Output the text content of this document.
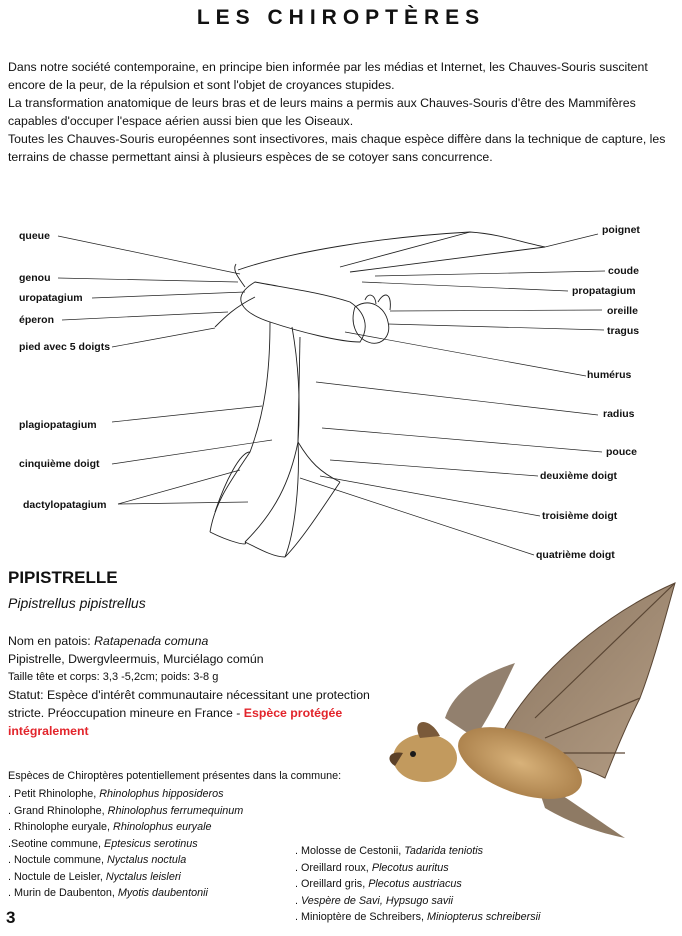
LES CHIROPTÈRES

Dans notre société contemporaine, en principe bien informée par les médias et Internet, les Chauves-Souris suscitent encore de la peur, de la répulsion et sont l'objet de croyances stupides.

La transformation anatomique de leurs bras et de leurs mains a permis aux Chauves-Souris d'être des Mammifères capables d'occuper l'espace aérien aussi bien que les Oiseaux.

Toutes les Chauves-Souris européennes sont insectivores, mais chaque espèce diffère dans la technique de capture, les terrains de chasse permettant ainsi à plusieurs espèces de se cotoyer sans concurrence.

queue
genou
uropatagium
éperon
pied avec 5 doigts
plagiopatagium
cinquième doigt
dactylopatagium
poignet
coude
propatagium
oreille
tragus
humérus
radius
pouce
deuxième doigt
troisième doigt
quatrième doigt
PIPISTRELLE
Pipistrellus pipistrellus
Nom en patois: Ratapenada comuna
Pipistrelle, Dwergvleermuis, Murciélago común
Taille tête et corps: 3,3 -5,2cm; poids: 3-8 g
Statut: Espèce d'intérêt communautaire nécessitant une protection stricte. Préoccupation mineure en France - Espèce protégée intégralement
Espèces de Chiroptères potentiellement présentes dans la commune:
. Petit Rhinolophe, Rhinolophus hipposideros
. Grand Rhinolophe, Rhinolophus ferrumequinum
. Rhinolophe euryale, Rhinolophus euryale
.Seotine commune, Eptesicus serotinus
. Noctule commune, Nyctalus noctula
. Noctule de Leisler, Nyctalus leisleri
. Murin de Daubenton, Myotis daubentonii
. Molosse de Cestonii, Tadarida teniotis
. Oreillard roux, Plecotus auritus
. Oreillard gris, Plecotus austriacus
. Vespère de Savi, Hypsugo savii
. Minioptère de Schreibers, Miniopterus schreibersii
3
